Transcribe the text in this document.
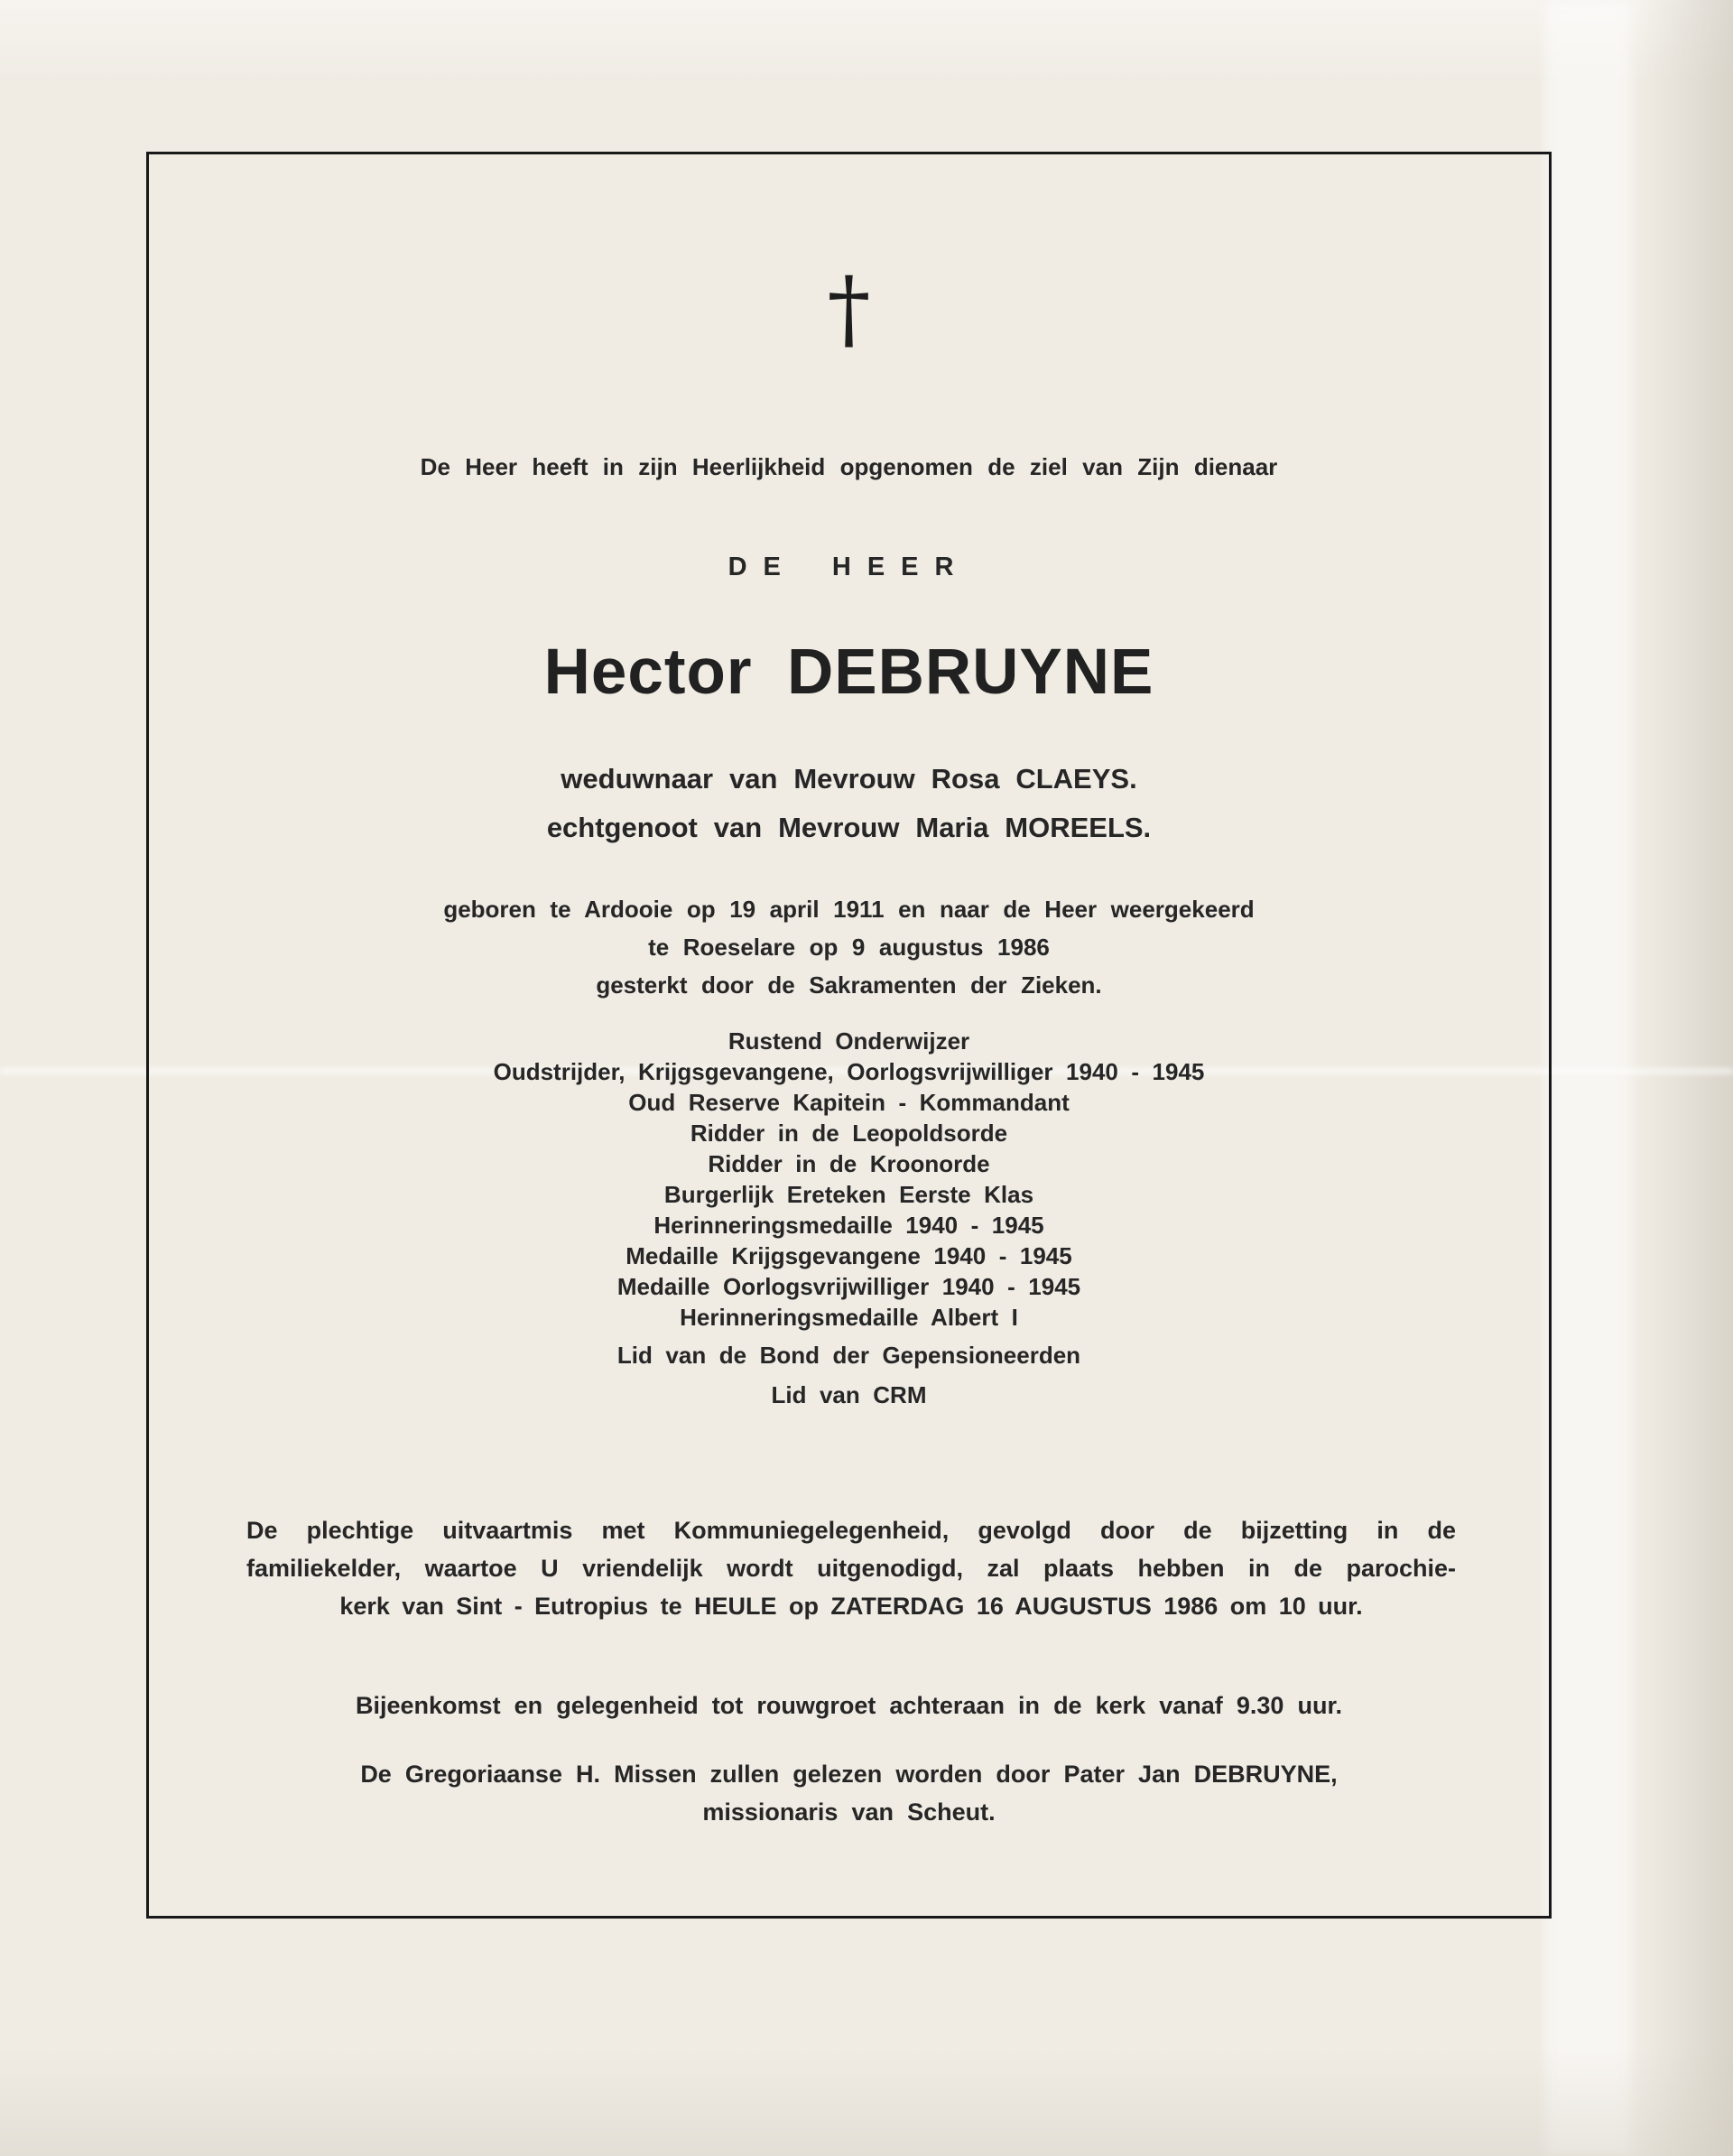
†
De Heer heeft in zijn Heerlijkheid opgenomen de ziel van Zijn dienaar
DE HEER
Hector DEBRUYNE
weduwnaar van Mevrouw Rosa CLAEYS.
echtgenoot van Mevrouw Maria MOREELS.
geboren te Ardooie op 19 april 1911 en naar de Heer weergekeerd
te Roeselare op 9 augustus 1986
gesterkt door de Sakramenten der Zieken.
Rustend Onderwijzer
Oudstrijder, Krijgsgevangene, Oorlogsvrijwilliger 1940 - 1945
Oud Reserve Kapitein - Kommandant
Ridder in de Leopoldsorde
Ridder in de Kroonorde
Burgerlijk Ereteken Eerste Klas
Herinneringsmedaille 1940 - 1945
Medaille Krijgsgevangene 1940 - 1945
Medaille Oorlogsvrijwilliger 1940 - 1945
Herinneringsmedaille Albert I
Lid van de Bond der Gepensioneerden
Lid van CRM
De plechtige uitvaartmis met Kommuniegelegenheid, gevolgd door de bijzetting in de
familiekelder, waartoe U vriendelijk wordt uitgenodigd, zal plaats hebben in de parochie-
kerk van Sint - Eutropius te HEULE op ZATERDAG 16 AUGUSTUS 1986 om 10 uur.
Bijeenkomst en gelegenheid tot rouwgroet achteraan in de kerk vanaf 9.30 uur.
De Gregoriaanse H. Missen zullen gelezen worden door Pater Jan DEBRUYNE,
missionaris van Scheut.
